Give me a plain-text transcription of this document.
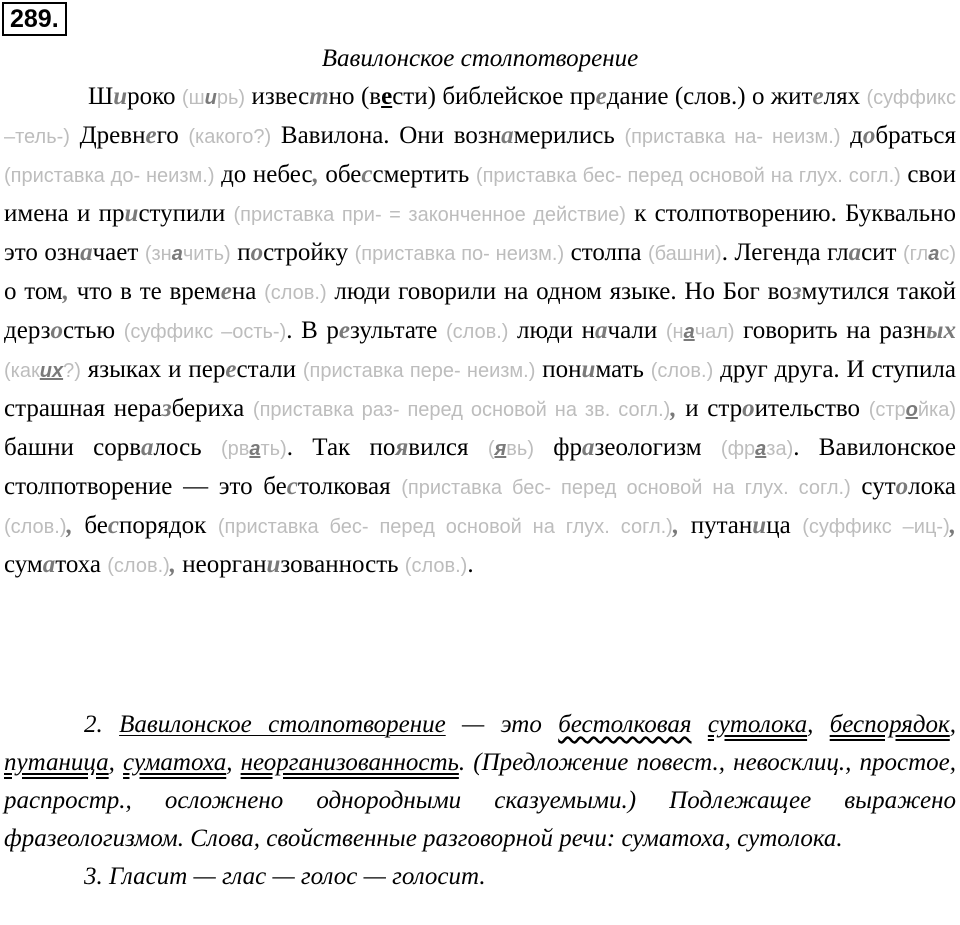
289.
Вавилонское столпотворение

Широко (ширь) известно (вести) библейское предание (слов.) о жителях (суффикс –тель-) Древнего (какого?) Вавилона. Они вознамерились (приставка на- неизм.) добраться (приставка до- неизм.) до небес, обессмертить (приставка бес- перед основой на глух. согл.) свои имена и приступили (приставка при- = законченное действие) к столпотворению. Буквально это означает (значить) постройку (приставка по- неизм.) столпа (башни). Легенда гласит (глас) о том, что в те времена (слов.) люди говорили на одном языке. Но Бог возмутился такой дерзостью (суффикс –ость-). В результате (слов.) люди начали (начал) говорить на разных (каких?) языках и перестали (приставка пере- неизм.) понимать (слов.) друг друга. И ступила страшная неразбериха (приставка раз- перед основой на зв. согл.), и строительство (стройка) башни сорвалось (рвать). Так появился (явь) фразеологизм (фраза). Вавилонское столпотворение — это бестолковая (приставка бес- перед основой на глух. согл.) сутолока (слов.), беспорядок (приставка бес- перед основой на глух. согл.), путаница (суффикс –иц-), суматоха (слов.), неорганизованность (слов.).

2. Вавилонское столпотворение — это бестолковая сутолока, беспорядок, путаница, суматоха, неорганизованность. (Предложение повест., невосклиц., простое, распростр., осложнено однородными сказуемыми.) Подлежащее выражено фразеологизмом. Слова, свойственные разговорной речи: суматоха, сутолока.

3. Гласит — глас — голос — голосит.
